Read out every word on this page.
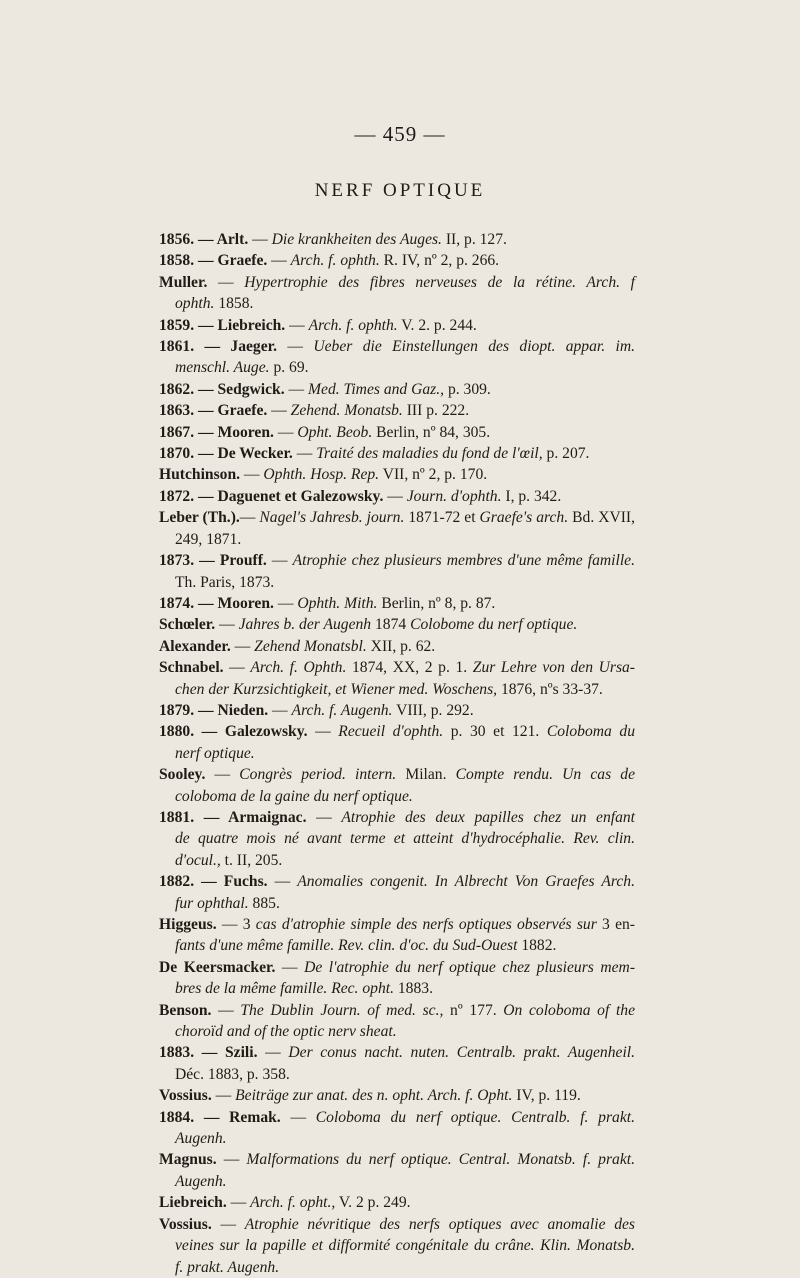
— 459 —
NERF OPTIQUE
1856. — Arlt. — Die krankheiten des Auges. II, p. 127.
1858. — Graefe. — Arch. f. ophth. R. IV, nº 2, p. 266.
Muller. — Hypertrophie des fibres nerveuses de la rétine. Arch. f
ophth. 1858.
1859. — Liebreich. — Arch. f. ophth. V. 2. p. 244.
1861. — Jaeger. — Ueber die Einstellungen des diopt. appar. im.
menschl. Auge. p. 69.
1862. — Sedgwick. — Med. Times and Gaz., p. 309.
1863. — Graefe. — Zehend. Monatsb. III p. 222.
1867. — Mooren. — Opht. Beob. Berlin, nº 84, 305.
1870. — De Wecker. — Traité des maladies du fond de l'œil, p. 207.
Hutchinson. — Ophth. Hosp. Rep. VII, nº 2, p. 170.
1872. — Daguenet et Galezowsky. — Journ. d'ophth. I, p. 342.
Leber (Th.).— Nagel's Jahresb. journ. 1871-72 et Graefe's arch. Bd. XVII,
249, 1871.
1873. — Prouff. — Atrophie chez plusieurs membres d'une même famille.
Th. Paris, 1873.
1874. — Mooren. — Ophth. Mith. Berlin, nº 8, p. 87.
Schœler. — Jahres b. der Augenh 1874 Colobome du nerf optique.
Alexander. — Zehend Monatsbl. XII, p. 62.
Schnabel. — Arch. f. Ophth. 1874, XX, 2 p. 1. Zur Lehre von den Ursa-
chen der Kurzsichtigkeit, et Wiener med. Woschens, 1876, nºs 33-37.
1879. — Nieden. — Arch. f. Augenh. VIII, p. 292.
1880. — Galezowsky. — Recueil d'ophth. p. 30 et 121. Coloboma du
nerf optique.
Sooley. — Congrès period. intern. Milan. Compte rendu. Un cas de
coloboma de la gaine du nerf optique.
1881. — Armaignac. — Atrophie des deux papilles chez un enfant
de quatre mois né avant terme et atteint d'hydrocéphalie. Rev. clin.
d'ocul., t. II, 205.
1882. — Fuchs. — Anomalies congenit. In Albrecht Von Graefes Arch.
fur ophthal. 885.
Higgeus. — 3 cas d'atrophie simple des nerfs optiques observés sur 3 en-
fants d'une même famille. Rev. clin. d'oc. du Sud-Ouest 1882.
De Keersmacker. — De l'atrophie du nerf optique chez plusieurs mem-
bres de la même famille. Rec. opht. 1883.
Benson. — The Dublin Journ. of med. sc., nº 177. On coloboma of the
choroïd and of the optic nerv sheat.
1883. — Szili. — Der conus nacht. nuten. Centralb. prakt. Augenheil.
Déc. 1883, p. 358.
Vossius. — Beiträge zur anat. des n. opht. Arch. f. Opht. IV, p. 119.
1884. — Remak. — Coloboma du nerf optique. Centralb. f. prakt.
Augenh.
Magnus. — Malformations du nerf optique. Central. Monatsb. f. prakt.
Augenh.
Liebreich. — Arch. f. opht., V. 2 p. 249.
Vossius. — Atrophie névritique des nerfs optiques avec anomalie des
veines sur la papille et difformité congénitale du crâne. Klin. Monatsb.
f. prakt. Augenh.
